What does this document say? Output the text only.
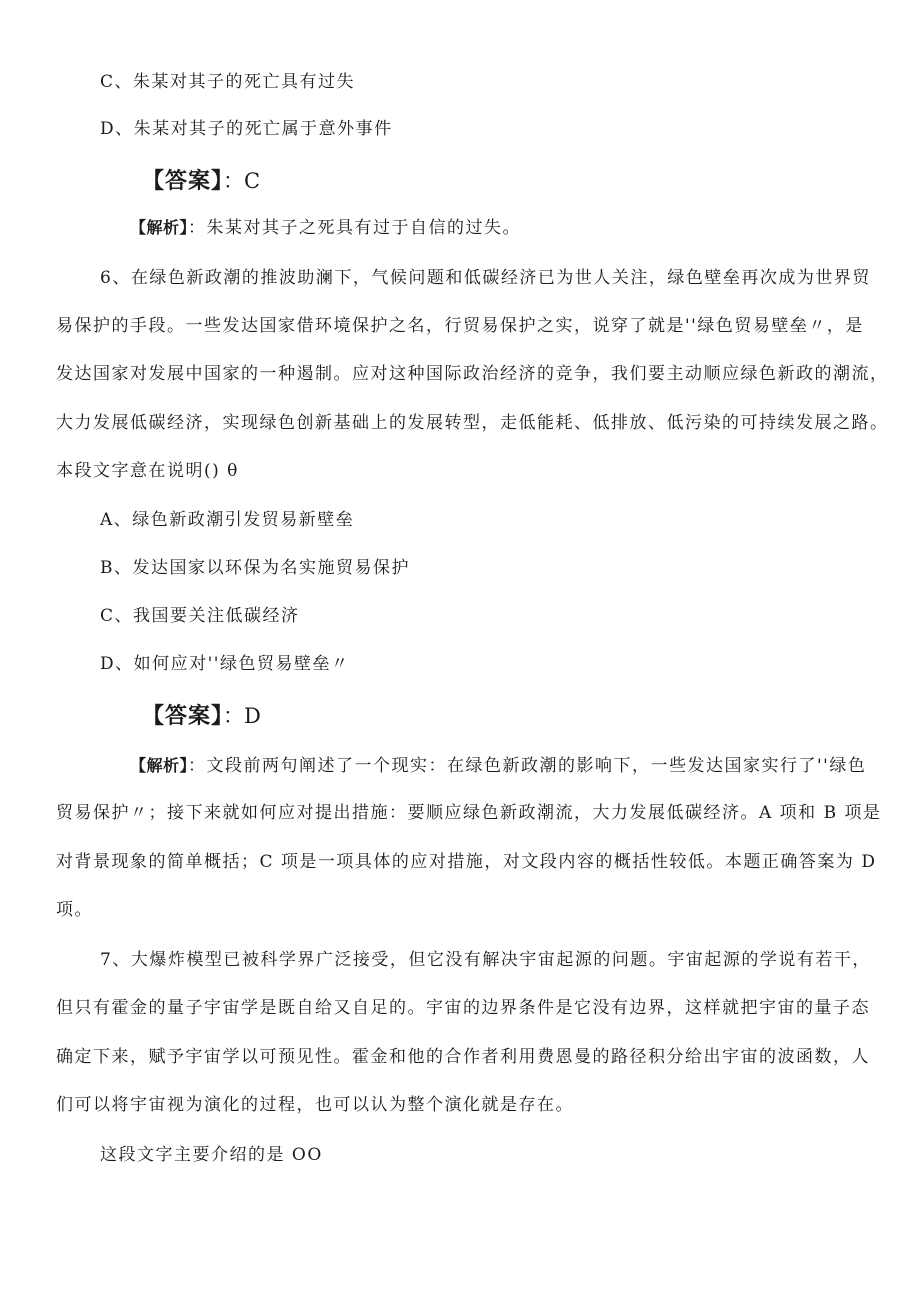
C、朱某对其子的死亡具有过失
D、朱某对其子的死亡属于意外事件
【答案】：C
【解析】：朱某对其子之死具有过于自信的过失。
6、在绿色新政潮的推波助澜下，气候问题和低碳经济已为世人关注，绿色壁垒再次成为世界贸
易保护的手段。一些发达国家借环境保护之名，行贸易保护之实，说穿了就是''绿色贸易壁垒〃，是
发达国家对发展中国家的一种遏制。应对这种国际政治经济的竞争，我们要主动顺应绿色新政的潮流，
大力发展低碳经济，实现绿色创新基础上的发展转型，走低能耗、低排放、低污染的可持续发展之路。
本段文字意在说明() θ
A、绿色新政潮引发贸易新壁垒
B、发达国家以环保为名实施贸易保护
C、我国要关注低碳经济
D、如何应对''绿色贸易壁垒〃
【答案】：D
【解析】：文段前两句阐述了一个现实：在绿色新政潮的影响下，一些发达国家实行了''绿色
贸易保护〃；接下来就如何应对提出措施：要顺应绿色新政潮流，大力发展低碳经济。A 项和 B 项是
对背景现象的简单概括；C 项是一项具体的应对措施，对文段内容的概括性较低。本题正确答案为 D
项。
7、大爆炸模型已被科学界广泛接受，但它没有解决宇宙起源的问题。宇宙起源的学说有若干，
但只有霍金的量子宇宙学是既自给又自足的。宇宙的边界条件是它没有边界，这样就把宇宙的量子态
确定下来，赋予宇宙学以可预见性。霍金和他的合作者利用费恩曼的路径积分给出宇宙的波函数，人
们可以将宇宙视为演化的过程，也可以认为整个演化就是存在。
这段文字主要介绍的是 OO
